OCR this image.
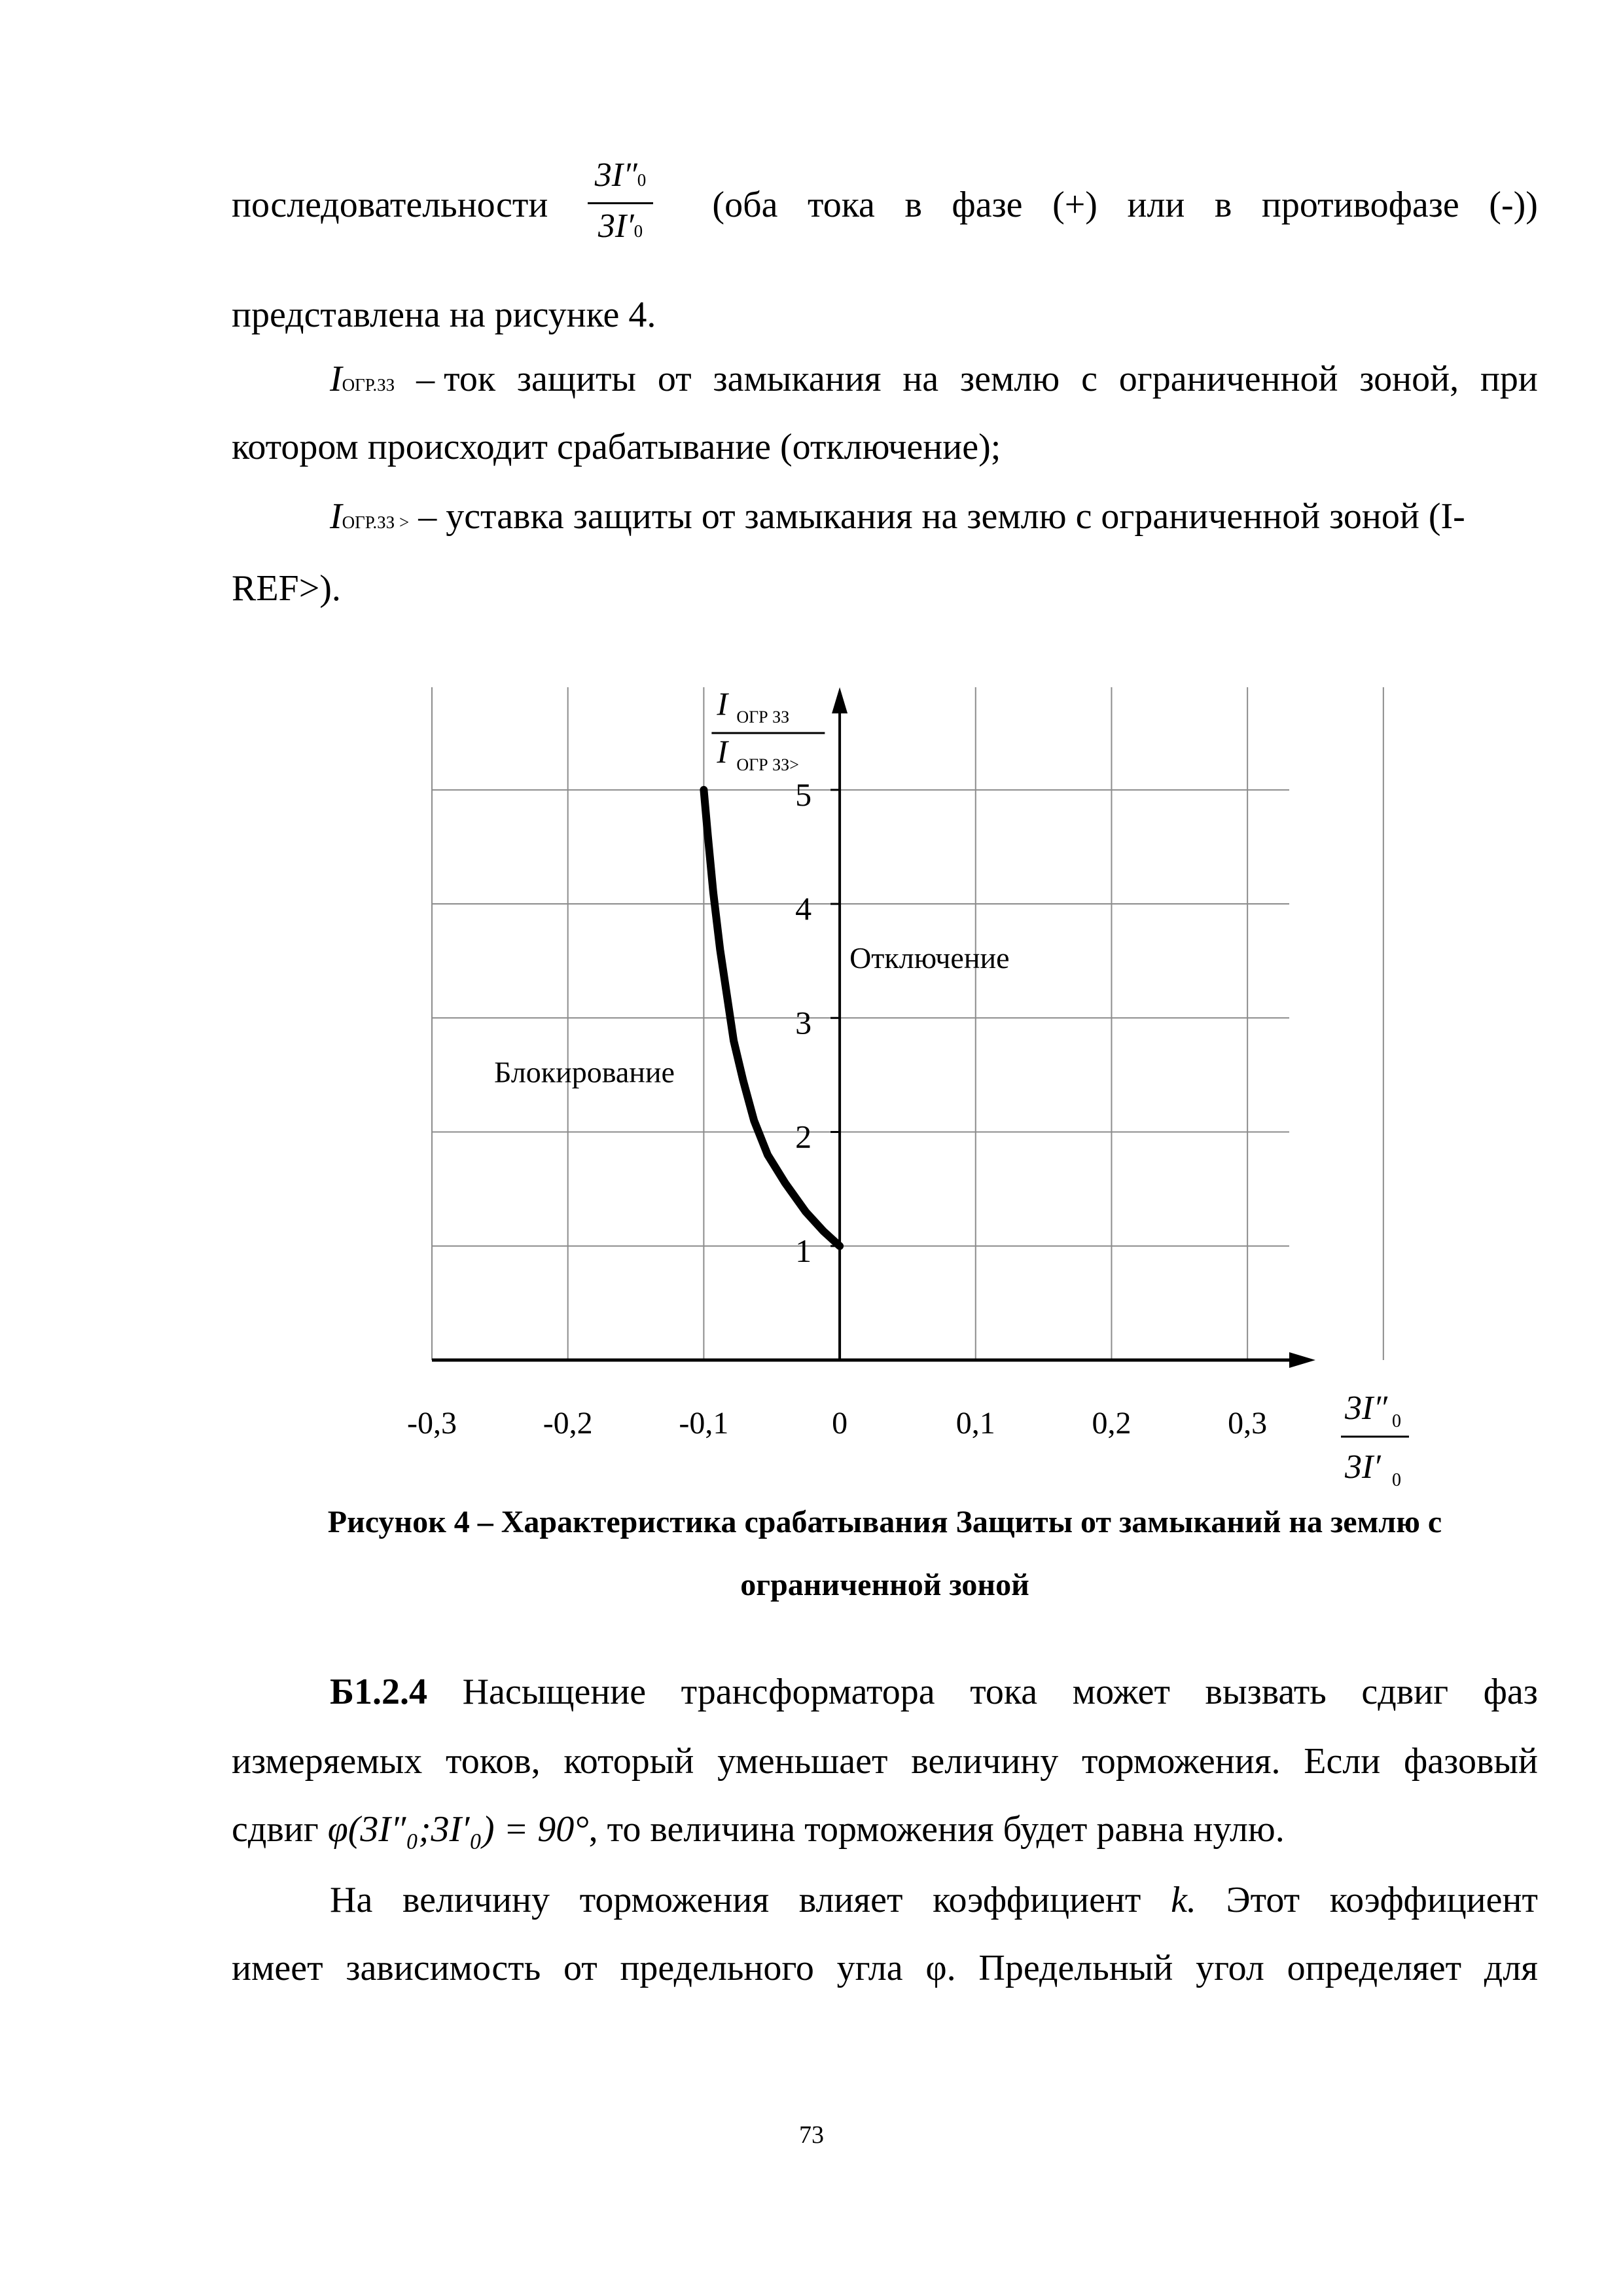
последовательности	(оба тока в фазе (+) или в противофазе (-))
3I″0
3I′0
представлена на рисунке 4.
IОГР.ЗЗ – ток защиты от замыкания на землю с ограниченной зоной, при
котором происходит срабатывание (отключение);
IОГР.ЗЗ > – уставка защиты от замыкания на землю с ограниченной зоной (I-
REF>).
-0,3	-0,2	-0,1	0	0,1	0,2	0,3
1
2
3
4
5
Отключение
Блокирование
I ОГР ЗЗ
I ОГР ЗЗ>
3I″ 0
3I′ 0
Рисунок 4 – Характеристика срабатывания Защиты от замыканий на землю с
ограниченной зоной
Б1.2.4 Насыщение трансформатора тока может вызвать сдвиг фаз
измеряемых токов, который уменьшает величину торможения. Если фазовый
сдвиг φ(3I″₀;3I′₀) = 90°, то величина торможения будет равна нулю.
На величину торможения влияет коэффициент k. Этот коэффициент
имеет зависимость от предельного угла φ. Предельный угол определяет для
73
